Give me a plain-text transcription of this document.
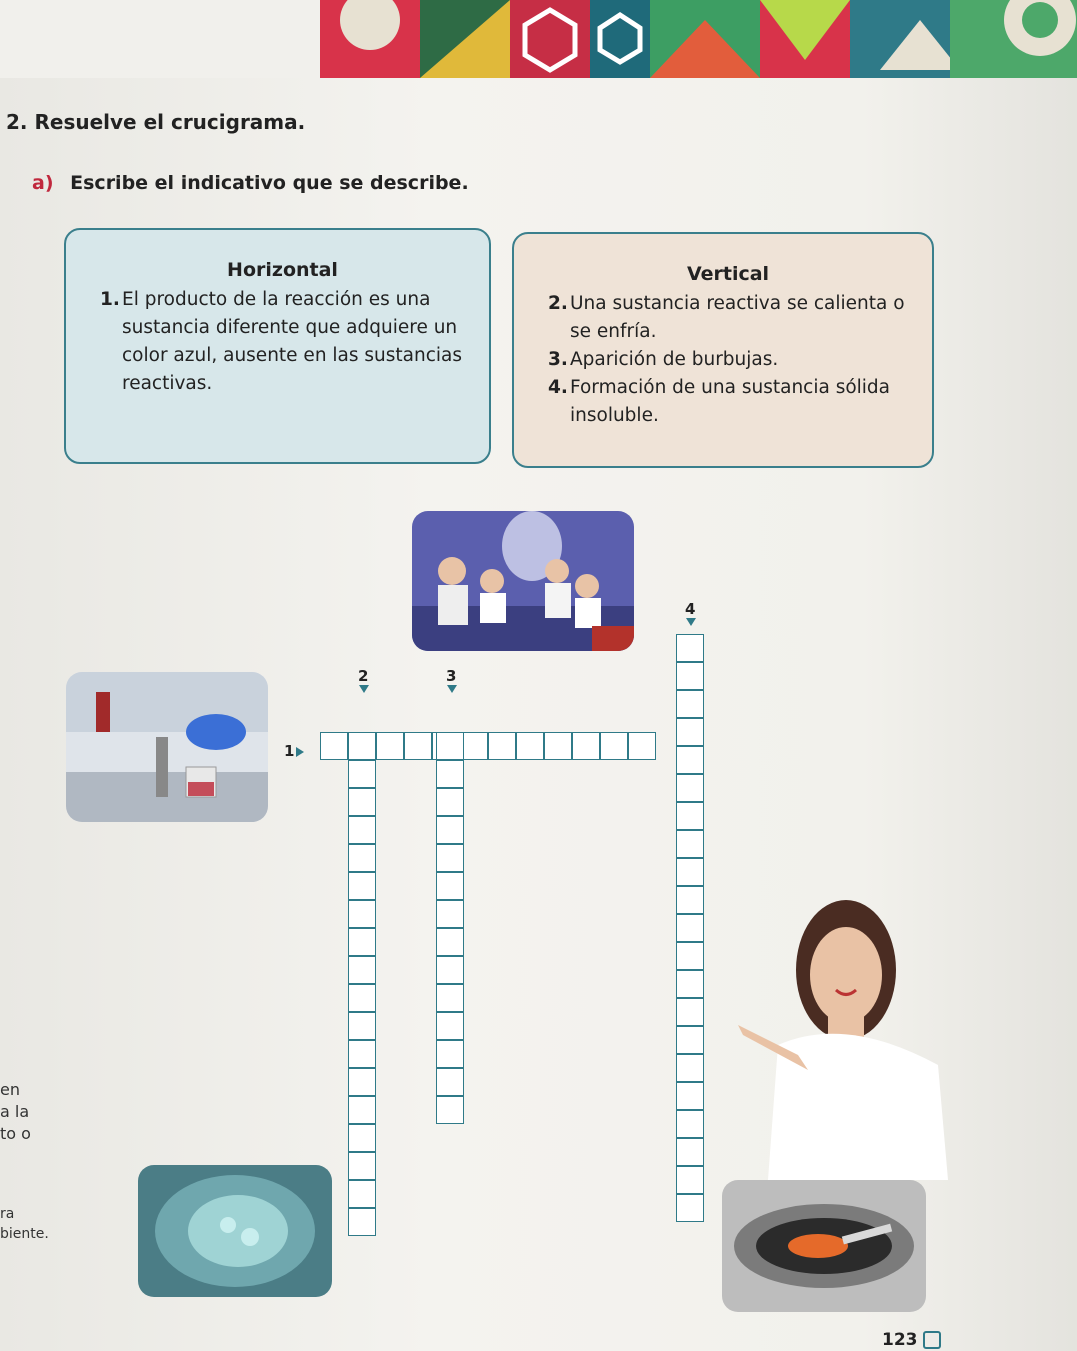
2. Resuelve el crucigrama.
a) Escribe el indicativo que se describe.
Horizontal
1. El producto de la reacción es una sustancia diferente que adquiere un color azul, ausente en las sustancias reactivas.
Vertical
2. Una sustancia reactiva se calienta o se enfría.
3. Aparición de burbujas.
4. Formación de una sustancia sólida insoluble.
1
2	3
4
en
a la
to o
ra
biente.
123
